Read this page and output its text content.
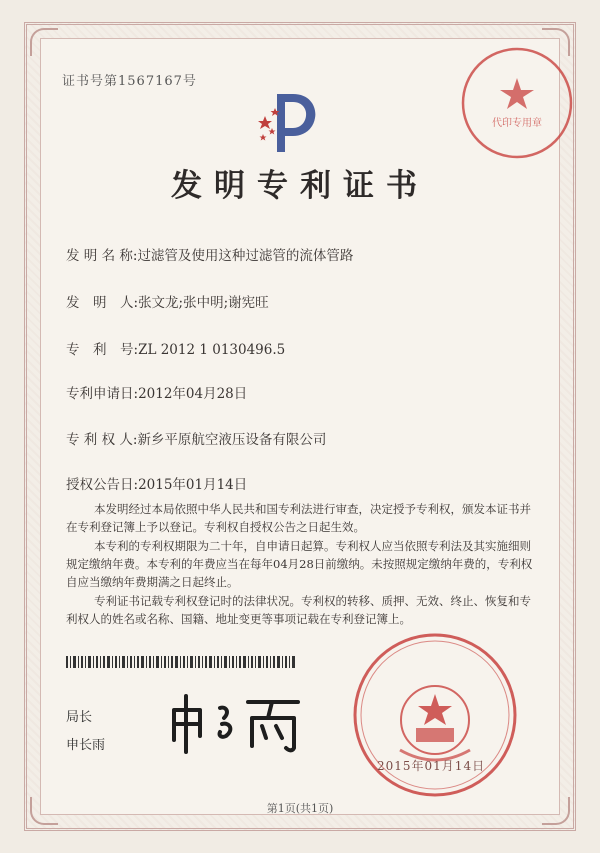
证书号第1567167号
代印专用章
发明专利证书
发 明 名 称:过滤管及使用这种过滤管的流体管路
发　明　人:张文龙;张中明;谢宪旺
专　利　号:ZL 2012 1 0130496.5
专利申请日:2012年04月28日
专 利 权 人:新乡平原航空液压设备有限公司
授权公告日:2015年01月14日
本发明经过本局依照中华人民共和国专利法进行审查，决定授予专利权，颁发本证书并在专利登记簿上予以登记。专利权自授权公告之日起生效。
本专利的专利权期限为二十年，自申请日起算。专利权人应当依照专利法及其实施细则规定缴纳年费。本专利的年费应当在每年04月28日前缴纳。未按照规定缴纳年费的，专利权自应当缴纳年费期满之日起终止。
专利证书记载专利权登记时的法律状况。专利权的转移、质押、无效、终止、恢复和专利权人的姓名或名称、国籍、地址变更等事项记载在专利登记簿上。
局长
申长雨
2015年01月14日
第1页(共1页)
